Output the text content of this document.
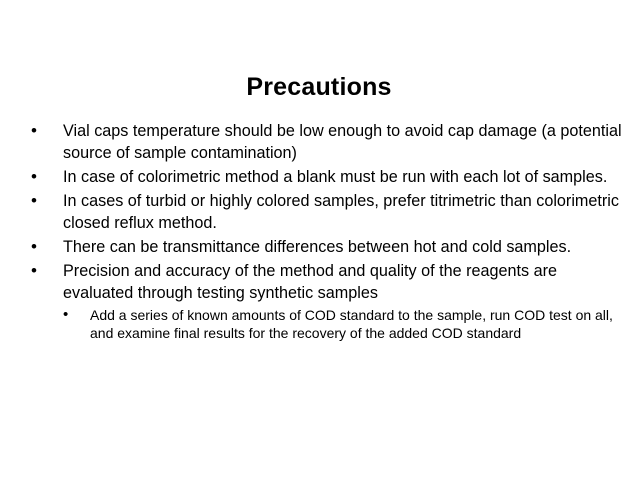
Precautions
•	Vial caps temperature should be low enough to avoid cap damage (a potential source of sample contamination)
•	In case of colorimetric method a blank must be run with each lot of samples.
•	In cases of turbid or highly colored samples, prefer titrimetric than colorimetric closed reflux method.
•	There can be transmittance differences between hot and cold samples.
•	Precision and accuracy of the method and quality of the reagents are evaluated through testing synthetic samples
• Add a series of known amounts of COD standard to the sample, run COD test on all, and examine final results for the recovery of the added COD standard
